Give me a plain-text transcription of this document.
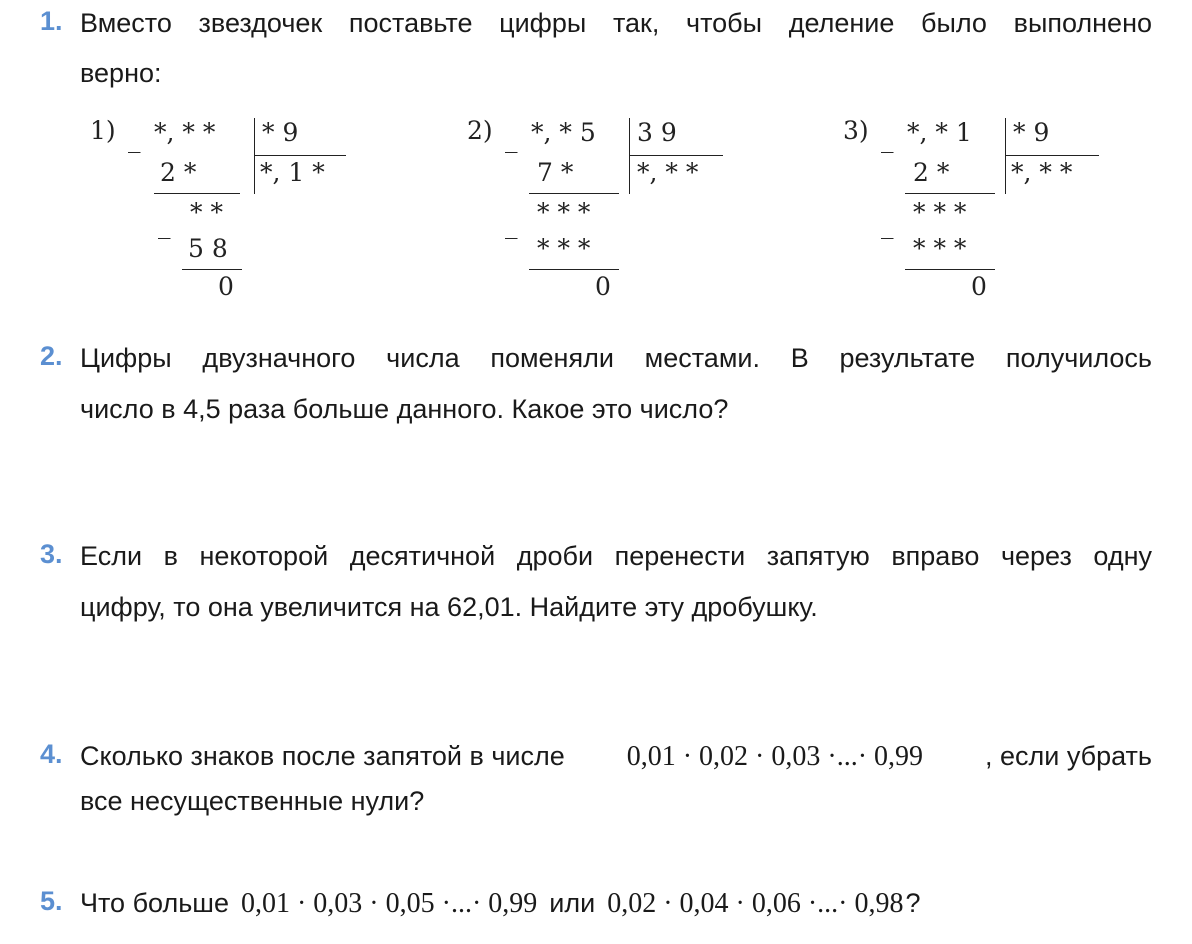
1. Вместо звездочек поставьте цифры так, чтобы деление было выполнено
верно:
1) _ *, * * * 9
2 *	*, 1 *
_ * *
5 8
0
2) _ *, * 5 3 9
7 *	*, * *
_ * * *
* * *
0
3) _ *, * 1 * 9
2 * *, * *
_ * * *
* * *
0
2. Цифры двузначного числа поменяли местами. В результате получилось
число в 4,5 раза больше данного. Какое это число?
3. Если в некоторой десятичной дроби перенести запятую вправо через одну
цифру, то она увеличится на 62,01. Найдите эту дробушку.
4. Сколько знаков после запятой в числе 0,01 · 0,02 · 0,03 ·...· 0,99 , если убрать
все несущественные нули?
5. Что больше 0,01 · 0,03 · 0,05 ·...· 0,99 или 0,02 · 0,04 · 0,06 ·...· 0,98 ?
